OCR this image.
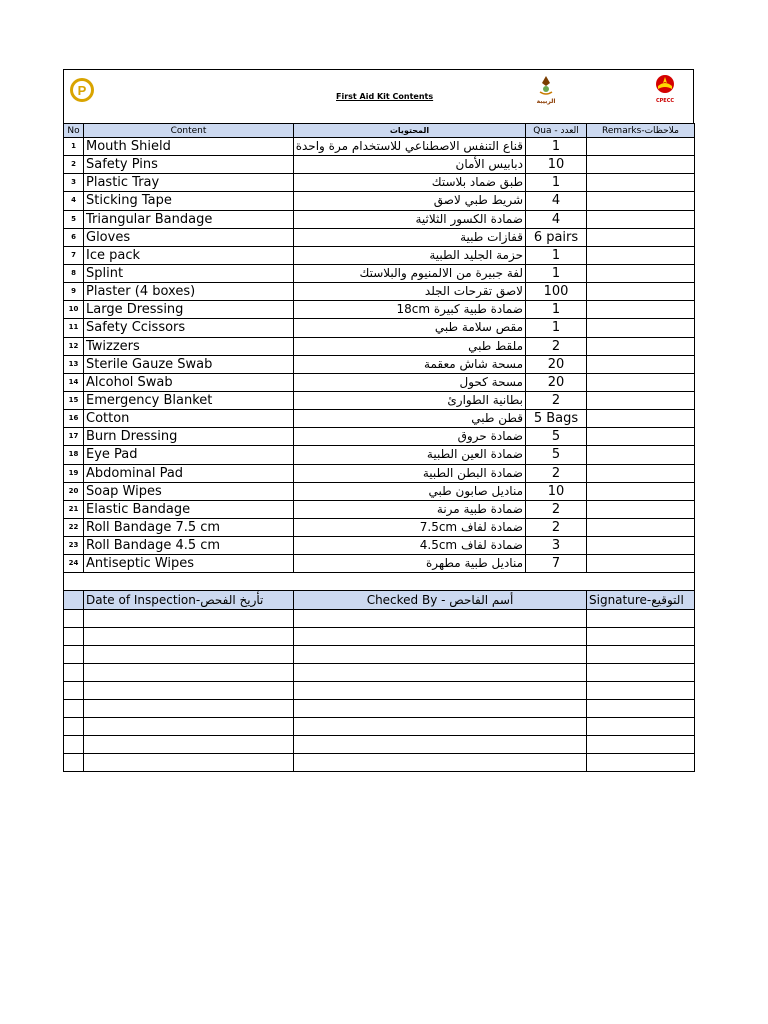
P	First Aid Kit Contents
الربيبة	CPECC
No	Content	المحتويات	Qua - العدد	Remarks-ملاحظات
1	Mouth Shield	قناع التنفس الاصطناعي للاستخدام مرة واحدة	1	
2	Safety Pins	دبابيس الأمان	10	
3	Plastic Tray	طبق ضماد بلاستك	1	
4	Sticking Tape	شريط طبي لاصق	4	
5	Triangular Bandage	ضمادة الكسور الثلاثية	4	
6	Gloves	قفازات طبية	6 pairs	
7	Ice pack	حزمة الجليد الطبية	1	
8	Splint	لفة جبيرة من الالمنيوم والبلاستك	1	
9	Plaster (4 boxes)	لاصق تقرحات الجلد	100	
10	Large Dressing	ضمادة طبية كبيرة 18cm	1	
11	Safety Ccissors	مقص سلامة طبي	1	
12	Twizzers	ملقط طبي	2	
13	Sterile Gauze Swab	مسحة شاش معقمة	20	
14	Alcohol Swab	مسحة كحول	20	
15	Emergency Blanket	بطانية الطوارئ	2	
16	Cotton	قطن طبي	5 Bags	
17	Burn Dressing	ضمادة حروق	5	
18	Eye Pad	ضمادة العين الطبية	5	
19	Abdominal Pad	ضمادة البطن الطبية	2	
20	Soap Wipes	مناديل صابون طبي	10	
21	Elastic Bandage	ضمادة طبية مرنة	2	
22	Roll Bandage 7.5 cm	ضمادة لفاف 7.5cm	2	
23	Roll Bandage 4.5 cm	ضمادة لفاف 4.5cm	3	
24	Antiseptic Wipes	مناديل طبية مطهرة	7	

	Date of Inspection-تأريخ الفحص	Checked By - أسم الفاحص	Signature-التوقيع
